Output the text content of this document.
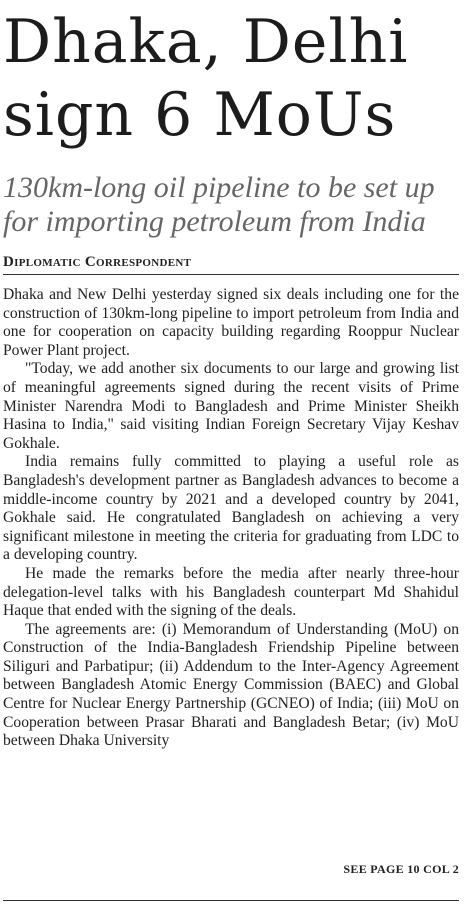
Dhaka, Delhi
sign 6 MoUs
130km-long oil pipeline to be set up
for importing petroleum from India
Diplomatic Correspondent

Dhaka and New Delhi yesterday signed six deals including one for the construction of 130km-long pipeline to import petroleum from India and one for cooperation on capacity building regarding Rooppur Nuclear Power Plant project.

"Today, we add another six documents to our large and growing list of meaningful agreements signed during the recent visits of Prime Minister Narendra Modi to Bangladesh and Prime Minister Sheikh Hasina to India," said visiting Indian Foreign Secretary Vijay Keshav Gokhale.

India remains fully committed to playing a useful role as Bangladesh's development partner as Bangladesh advances to become a middle-income country by 2021 and a developed country by 2041, Gokhale said. He congratulated Bangladesh on achieving a very significant milestone in meeting the criteria for graduating from LDC to a developing country.

He made the remarks before the media after nearly three-hour delegation-level talks with his Bangladesh counterpart Md Shahidul Haque that ended with the signing of the deals.

The agreements are: (i) Memorandum of Understanding (MoU) on Construction of the India-Bangladesh Friendship Pipeline between Siliguri and Parbatipur; (ii) Addendum to the Inter-Agency Agreement between Bangladesh Atomic Energy Commission (BAEC) and Global Centre for Nuclear Energy Partnership (GCNEO) of India; (iii) MoU on Cooperation between Prasar Bharati and Bangladesh Betar; (iv) MoU between Dhaka University

SEE PAGE 10 COL 2
